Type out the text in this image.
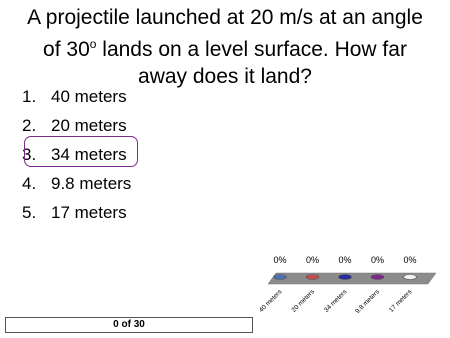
A projectile launched at 20 m/s at an angle
of 30$^o$ lands on a level surface. How far
away does it land?
1. 40 meters
2. 20 meters
3. 34 meters
4. 9.8 meters
5. 17 meters
0%
40 meters
0%
20 meters
0%
34 meters
0%
9.8 meters
0%
17 meters
0 of 30
